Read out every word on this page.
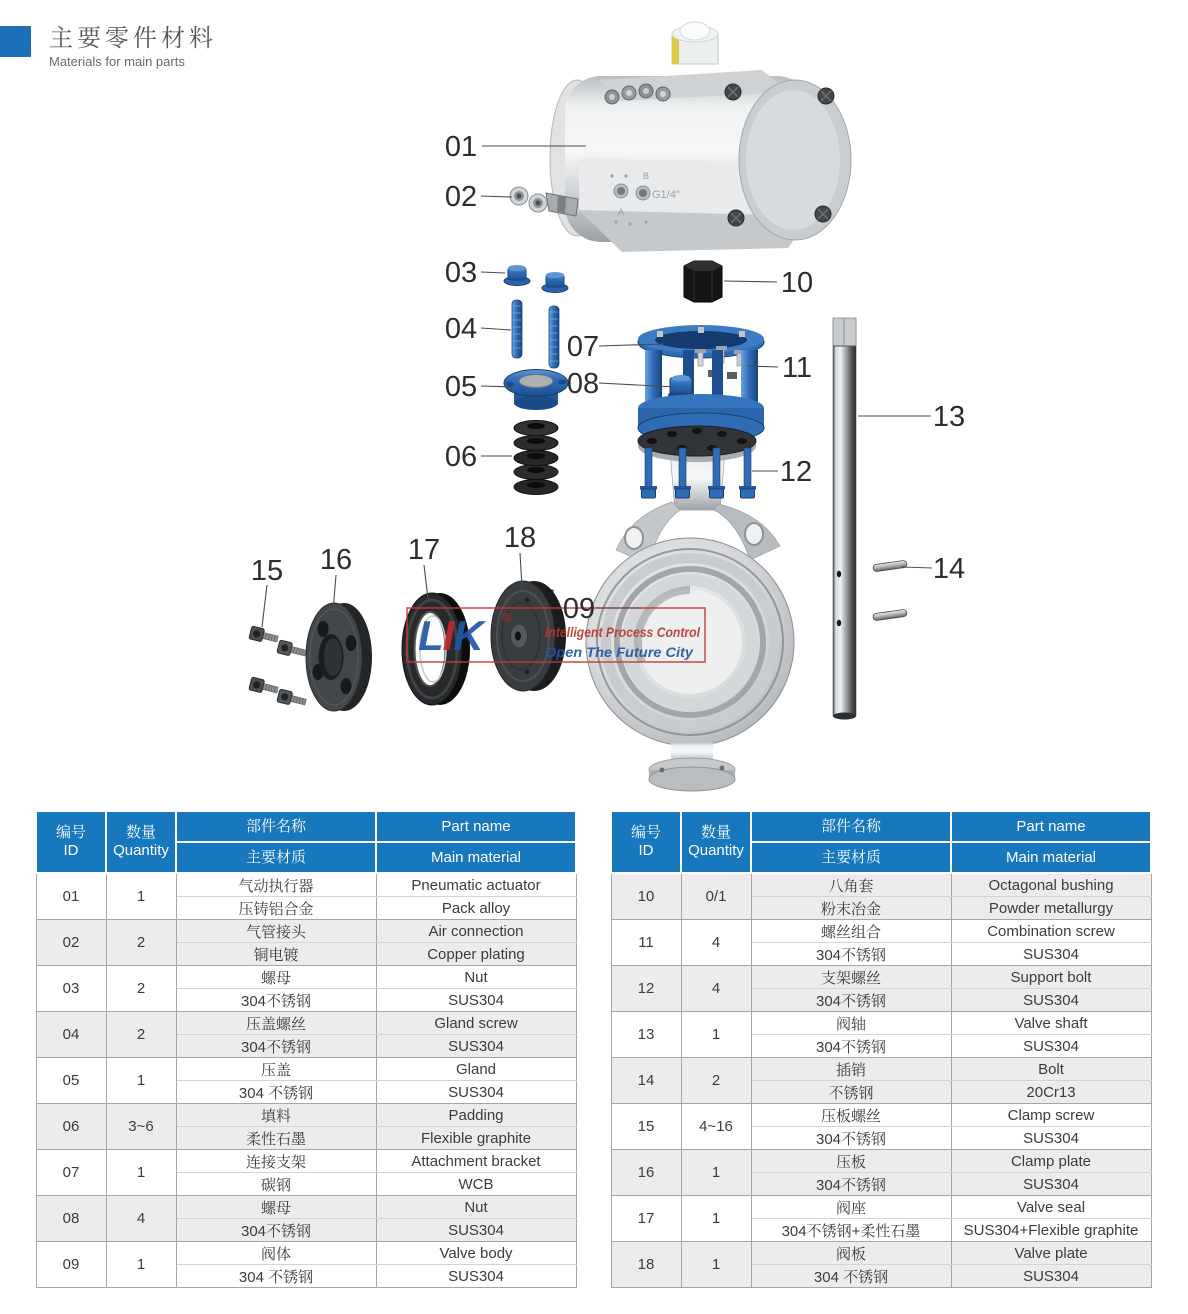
主要零件材料
Materials for main parts
G1/4"
B
A
LIK ®
Intelligent Process Control
Open The Future City
01
02
03
04
05
06
07
08
09
10
11
12
13
14
15 16 17 18
编号
ID	数量
Quantity	部件名称	Part name
		主要材质	Main material
01	1	气动执行器	Pneumatic actuator
		压铸铝合金	Pack alloy
02	2	气管接头	Air connection
		铜电镀	Copper plating
03	2	螺母	Nut
		304不锈钢	SUS304
04	2	压盖螺丝	Gland screw
		304不锈钢	SUS304
05	1	压盖	Gland
		304 不锈钢	SUS304
06	3~6	填料	Padding
		柔性石墨	Flexible graphite
07	1	连接支架	Attachment bracket
		碳钢	WCB
08	4	螺母	Nut
		304不锈钢	SUS304
09	1	阀体	Valve body
		304 不锈钢	SUS304
编号
ID	数量
Quantity	部件名称	Part name
		主要材质	Main material
10	0/1	八角套	Octagonal bushing
		粉末冶金	Powder metallurgy
11	4	螺丝组合	Combination screw
		304不锈钢	SUS304
12	4	支架螺丝	Support bolt
		304不锈钢	SUS304
13	1	阀轴	Valve shaft
		304不锈钢	SUS304
14	2	插销	Bolt
		不锈钢	20Cr13
15	4~16	压板螺丝	Clamp screw
		304不锈钢	SUS304
16	1	压板	Clamp plate
		304不锈钢	SUS304
17	1	阀座	Valve seal
		304不锈钢+柔性石墨	SUS304+Flexible graphite
18	1	阀板	Valve plate
		304 不锈钢	SUS304
